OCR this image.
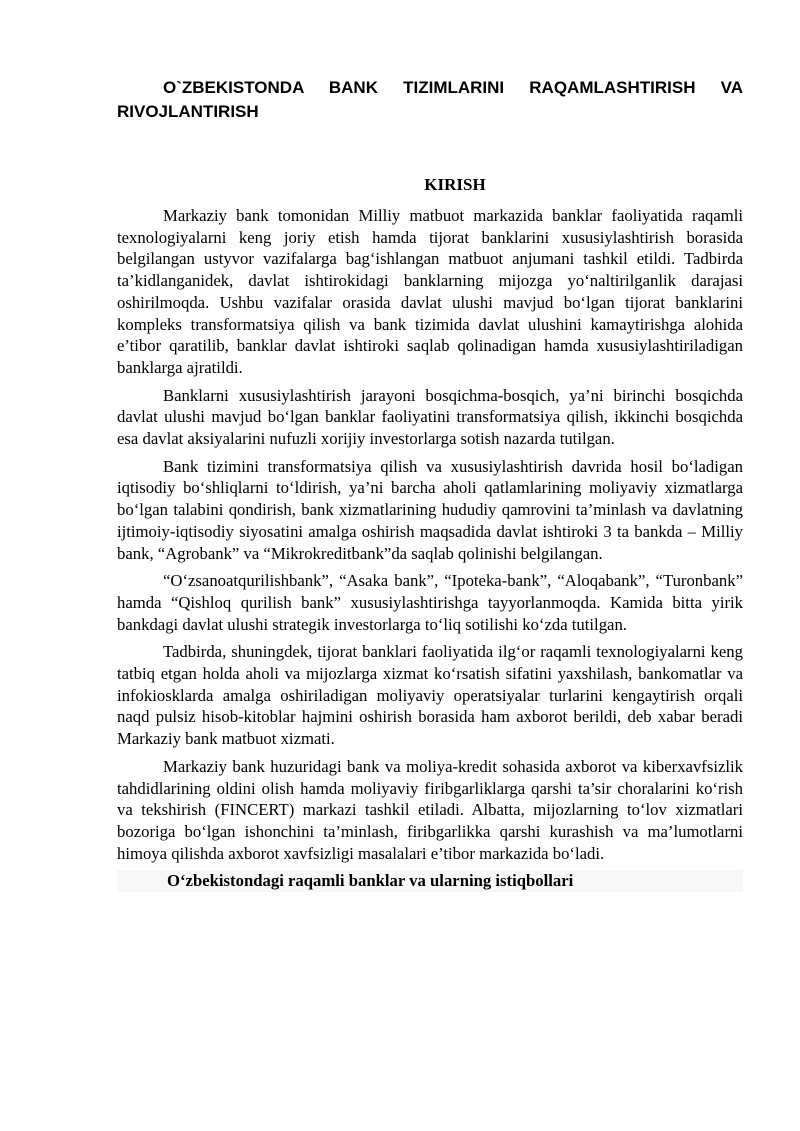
O`ZBEKISTONDA BANK TIZIMLARINI RAQAMLASHTIRISH VA RIVOJLANTIRISH
KIRISH

Markaziy bank tomonidan Milliy matbuot markazida banklar faoliyatida raqamli texnologiyalarni keng joriy etish hamda tijorat banklarini xususiylashtirish borasida belgilangan ustyvor vazifalarga bag‘ishlangan matbuot anjumani tashkil etildi. Tadbirda ta’kidlanganidek, davlat ishtirokidagi banklarning mijozga yo‘naltirilganlik darajasi oshirilmoqda. Ushbu vazifalar orasida davlat ulushi mavjud bo‘lgan tijorat banklarini kompleks transformatsiya qilish va bank tizimida davlat ulushini kamaytirishga alohida e’tibor qaratilib, banklar davlat ishtiroki saqlab qolinadigan hamda xususiylashtiriladigan banklarga ajratildi.

Banklarni xususiylashtirish jarayoni bosqichma-bosqich, ya’ni birinchi bosqichda davlat ulushi mavjud bo‘lgan banklar faoliyatini transformatsiya qilish, ikkinchi bosqichda esa davlat aksiyalarini nufuzli xorijiy investorlarga sotish nazarda tutilgan.

Bank tizimini transformatsiya qilish va xususiylashtirish davrida hosil bo‘ladigan iqtisodiy bo‘shliqlarni to‘ldirish, ya’ni barcha aholi qatlamlarining moliyaviy xizmatlarga bo‘lgan talabini qondirish, bank xizmatlarining hududiy qamrovini ta’minlash va davlatning ijtimoiy-iqtisodiy siyosatini amalga oshirish maqsadida davlat ishtiroki 3 ta bankda – Milliy bank, “Agrobank” va “Mikrokreditbank”da saqlab qolinishi belgilangan.

“O‘zsanoatqurilishbank”, “Asaka bank”, “Ipoteka-bank”, “Aloqabank”, “Turonbank” hamda “Qishloq qurilish bank” xususiylashtirishga tayyorlanmoqda. Kamida bitta yirik bankdagi davlat ulushi strategik investorlarga to‘liq sotilishi ko‘zda tutilgan.

Tadbirda, shuningdek, tijorat banklari faoliyatida ilg‘or raqamli texnologiyalarni keng tatbiq etgan holda aholi va mijozlarga xizmat ko‘rsatish sifatini yaxshilash, bankomatlar va infokiosklarda amalga oshiriladigan moliyaviy operatsiyalar turlarini kengaytirish orqali naqd pulsiz hisob-kitoblar hajmini oshirish borasida ham axborot berildi, deb xabar beradi Markaziy bank matbuot xizmati.

Markaziy bank huzuridagi bank va moliya-kredit sohasida axborot va kiberxavfsizlik tahdidlarining oldini olish hamda moliyaviy firibgarliklarga qarshi ta’sir choralarini ko‘rish va tekshirish (FINCERT) markazi tashkil etiladi. Albatta, mijozlarning to‘lov xizmatlari bozoriga bo‘lgan ishonchini ta’minlash, firibgarlikka qarshi kurashish va ma’lumotlarni himoya qilishda axborot xavfsizligi masalalari e’tibor markazida bo‘ladi.

O‘zbekistondagi raqamli banklar va ularning istiqbollari
